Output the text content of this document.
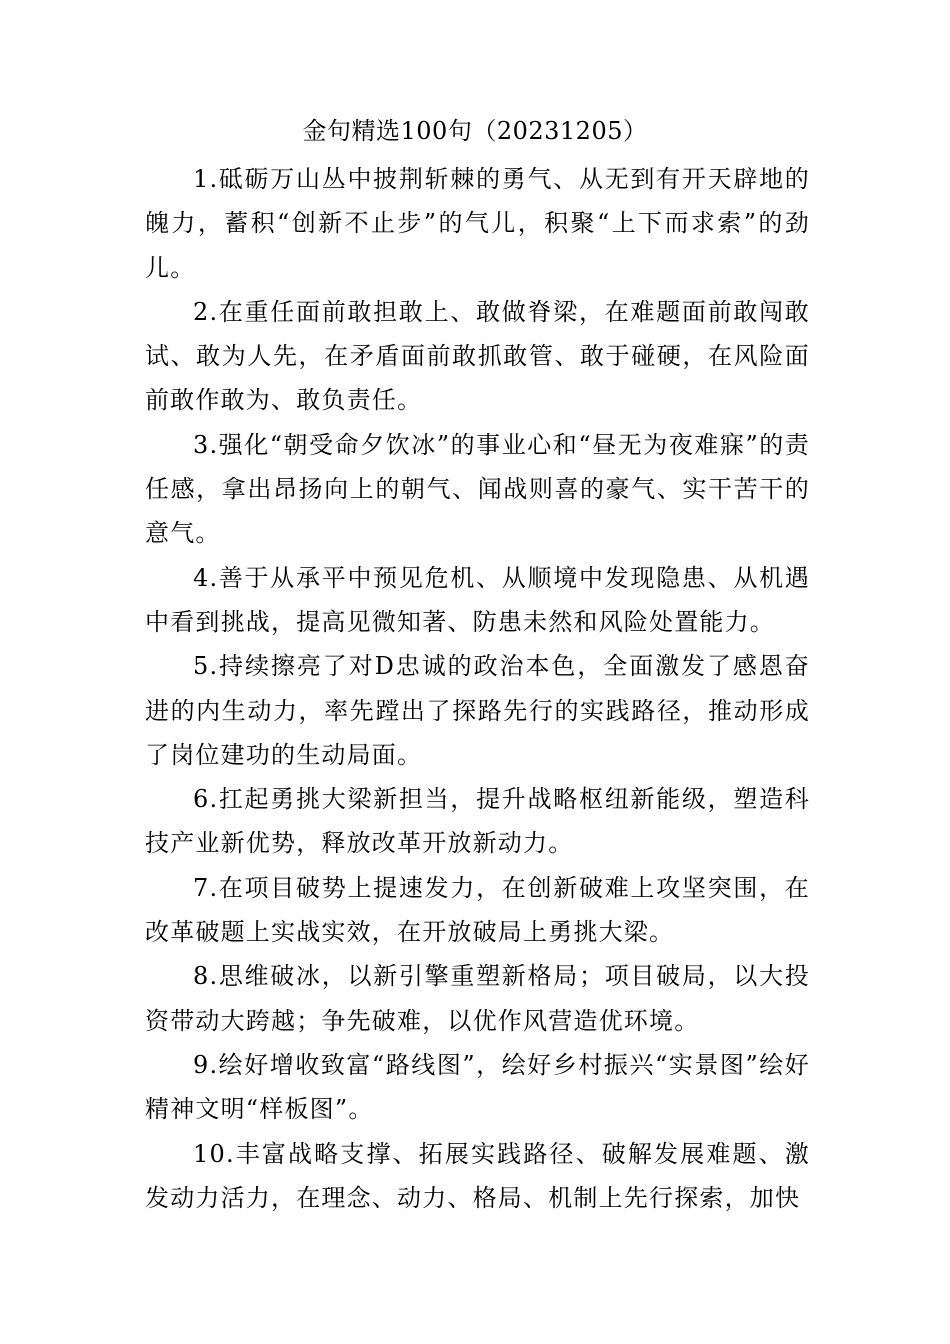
金句精选100句（20231205）

1.砥砺万山丛中披荆斩棘的勇气、从无到有开天辟地的魄力，蓄积“创新不止步”的气儿，积聚“上下而求索”的劲儿。

2.在重任面前敢担敢上、敢做脊梁，在难题面前敢闯敢试、敢为人先，在矛盾面前敢抓敢管、敢于碰硬，在风险面前敢作敢为、敢负责任。

3.强化“朝受命夕饮冰”的事业心和“昼无为夜难寐”的责任感，拿出昂扬向上的朝气、闻战则喜的豪气、实干苦干的意气。

4.善于从承平中预见危机、从顺境中发现隐患、从机遇中看到挑战，提高见微知著、防患未然和风险处置能力。

5.持续擦亮了对D忠诚的政治本色，全面激发了感恩奋进的内生动力，率先蹚出了探路先行的实践路径，推动形成了岗位建功的生动局面。

6.扛起勇挑大梁新担当，提升战略枢纽新能级，塑造科技产业新优势，释放改革开放新动力。

7.在项目破势上提速发力，在创新破难上攻坚突围，在改革破题上实战实效，在开放破局上勇挑大梁。

8.思维破冰，以新引擎重塑新格局；项目破局，以大投资带动大跨越；争先破难，以优作风营造优环境。

9.绘好增收致富“路线图”，绘好乡村振兴“实景图”绘好精神文明“样板图”。

10.丰富战略支撑、拓展实践路径、破解发展难题、激发动力活力，在理念、动力、格局、机制上先行探索，加快
